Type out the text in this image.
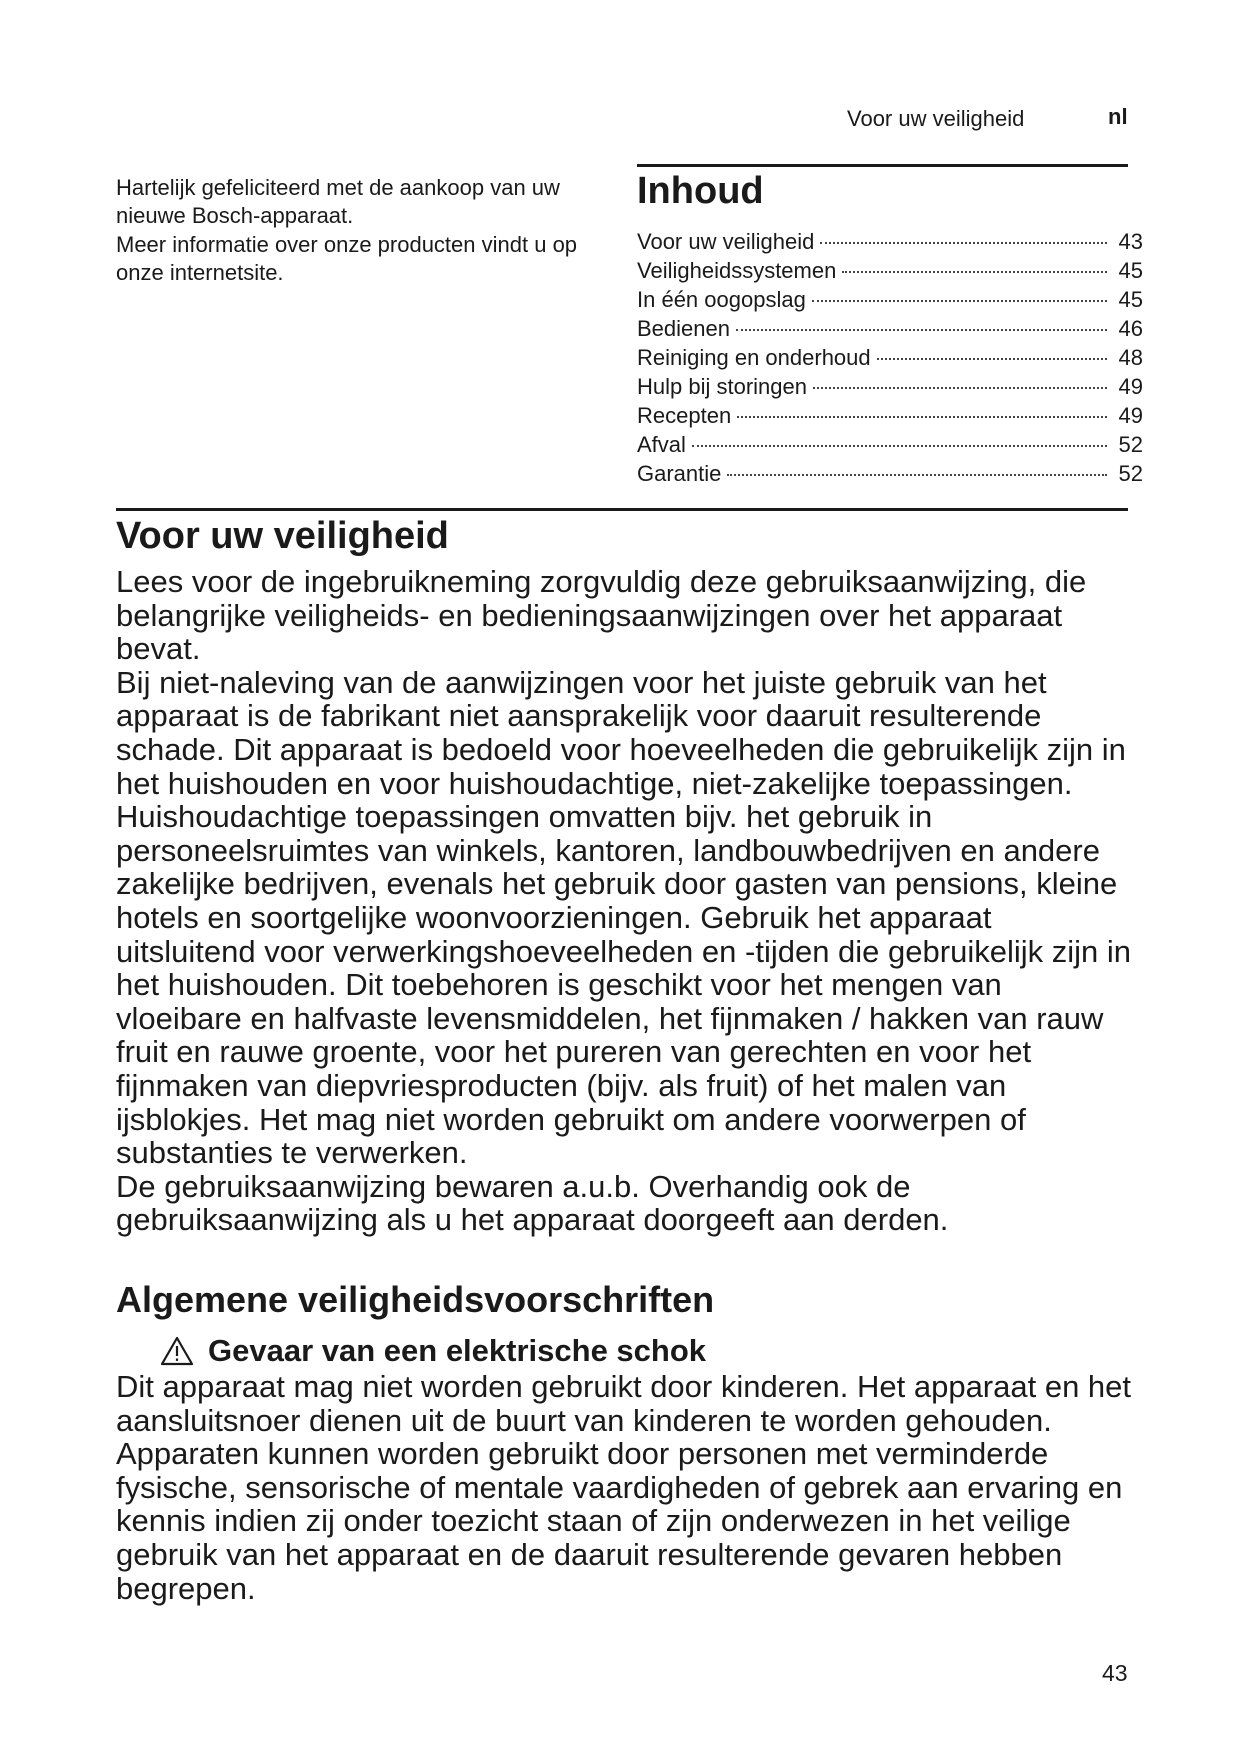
Voor uw veiligheid	nl

Hartelijk gefeliciteerd met de aankoop van uw nieuwe Bosch-apparaat.

Meer informatie over onze producten vindt u op onze internetsite.

Inhoud
Voor uw veiligheid	43
Veiligheidssystemen	45
In één oogopslag	45
Bedienen	46
Reiniging en onderhoud	48
Hulp bij storingen	49
Recepten	49
Afval	52
Garantie	52
Voor uw veiligheid

Lees voor de ingebruikneming zorgvuldig deze gebruiksaanwijzing, die belangrijke veiligheids- en bedieningsaanwijzingen over het apparaat bevat.

Bij niet-naleving van de aanwijzingen voor het juiste gebruik van het apparaat is de fabrikant niet aansprakelijk voor daaruit resulterende schade. Dit apparaat is bedoeld voor hoeveelheden die gebruikelijk zijn in het huishouden en voor huishoudachtige, niet-zakelijke toepassingen. Huishoudachtige toepassingen omvatten bijv. het gebruik in personeelsruimtes van winkels, kantoren, landbouwbedrijven en andere zakelijke bedrijven, evenals het gebruik door gasten van pensions, kleine hotels en soortgelijke woonvoorzieningen. Gebruik het apparaat uitsluitend voor verwerkingshoeveelheden en -tijden die gebruikelijk zijn in het huishouden. Dit toebehoren is geschikt voor het mengen van vloeibare en halfvaste levensmiddelen, het fijnmaken / hakken van rauw fruit en rauwe groente, voor het pureren van gerechten en voor het fijnmaken van diepvriesproducten (bijv. als fruit) of het malen van ijsblokjes. Het mag niet worden gebruikt om andere voorwerpen of substanties te verwerken.

De gebruiksaanwijzing bewaren a.u.b. Overhandig ook de gebruiksaanwijzing als u het apparaat doorgeeft aan derden.

Algemene veiligheidsvoorschriften
Gevaar van een elektrische schok

Dit apparaat mag niet worden gebruikt door kinderen. Het apparaat en het aansluitsnoer dienen uit de buurt van kinderen te worden gehouden.

Apparaten kunnen worden gebruikt door personen met verminderde fysische, sensorische of mentale vaardigheden of gebrek aan ervaring en kennis indien zij onder toezicht staan of zijn onderwezen in het veilige gebruik van het apparaat en de daaruit resulterende gevaren hebben begrepen.

43
